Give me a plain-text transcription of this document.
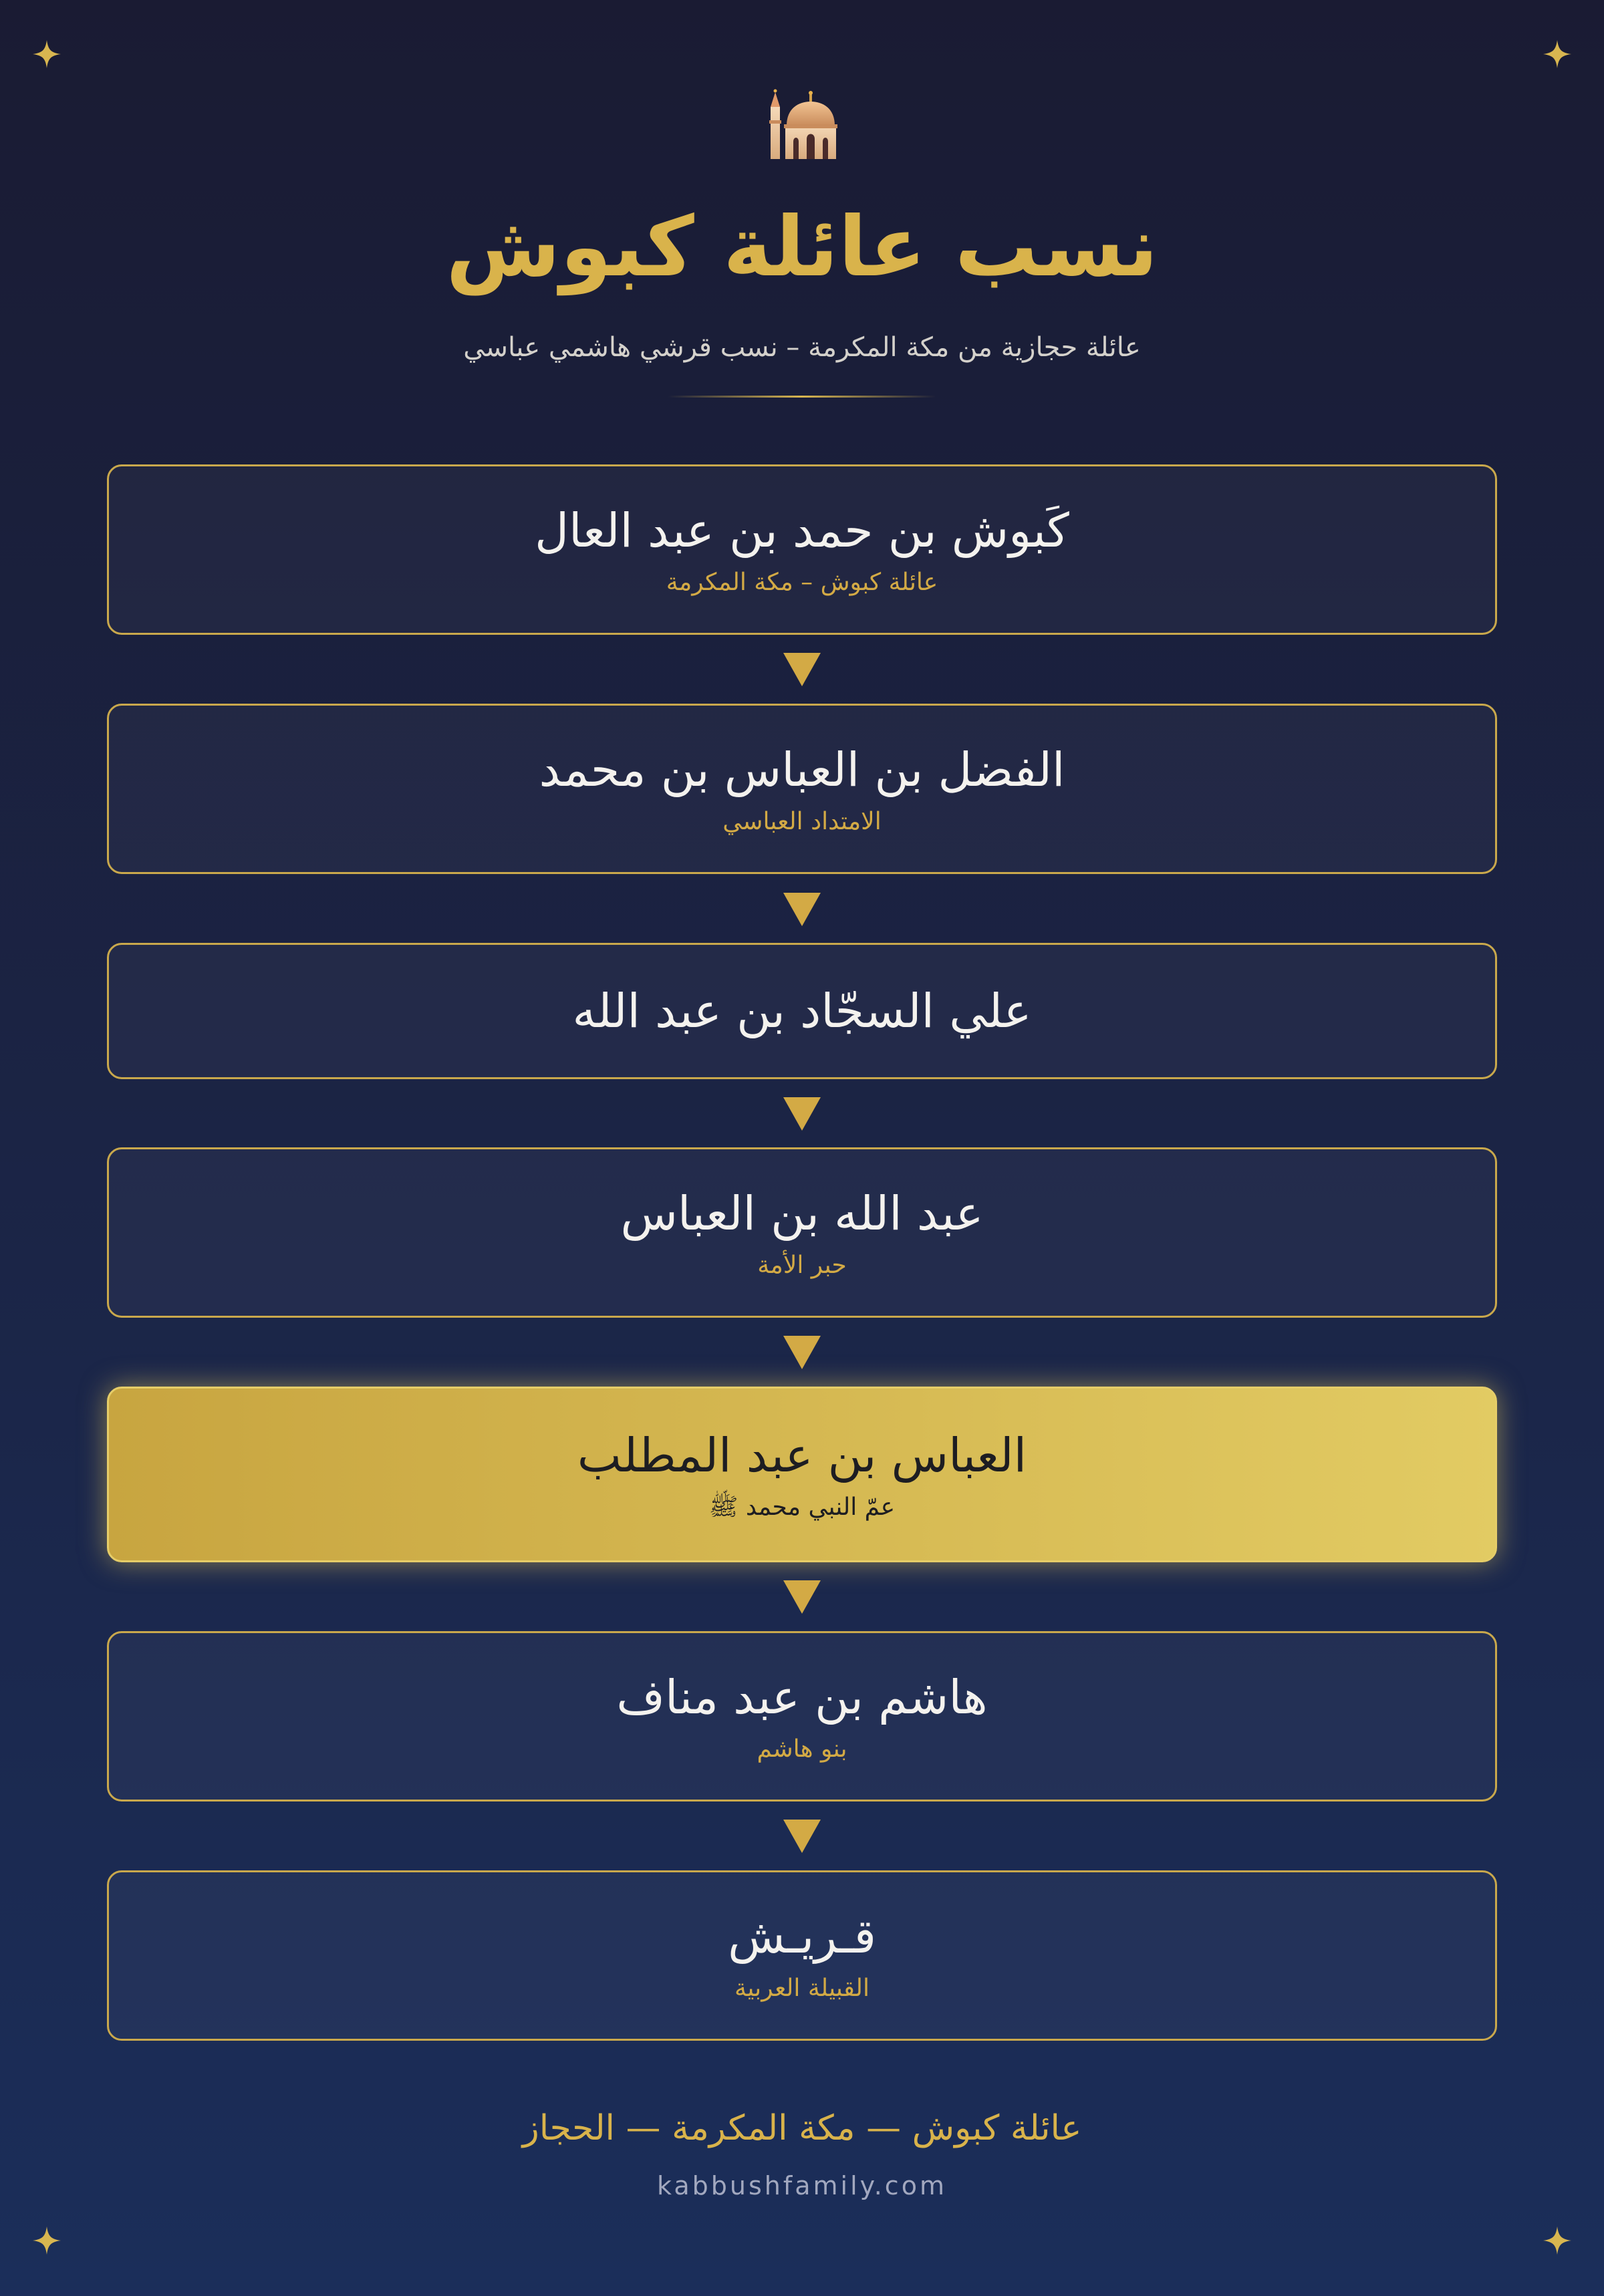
نسب عائلة كبوش
عائلة حجازية من مكة المكرمة – نسب قرشي هاشمي عباسي
كَبوش بن حمد بن عبد العال
عائلة كبوش – مكة المكرمة
الفضل بن العباس بن محمد
الامتداد العباسي
علي السجّاد بن عبد الله
عبد الله بن العباس
حبر الأمة
العباس بن عبد المطلب
عمّ النبي محمد ﷺ
هاشم بن عبد مناف
بنو هاشم
قـريـش
القبيلة العربية
عائلة كبوش — مكة المكرمة — الحجاز
kabbushfamily.com
